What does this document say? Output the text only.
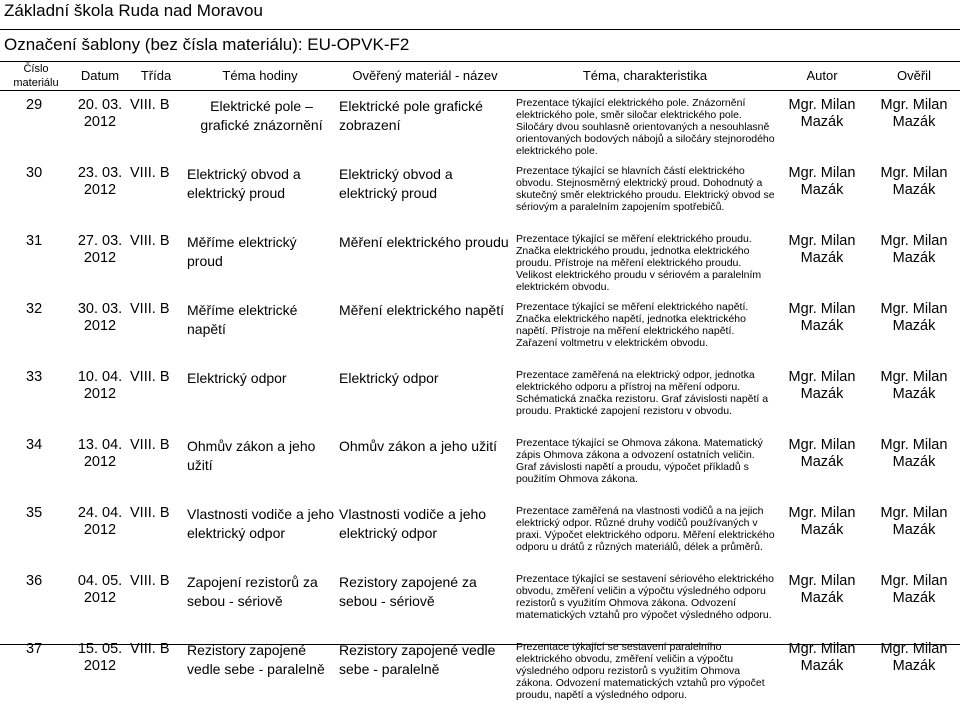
Základní škola Ruda nad Moravou
Označení šablony (bez čísla materiálu): EU-OPVK-F2
Číslo materiálu	Datum	Třída	Téma hodiny	Ověřený materiál - název	Téma, charakteristika	Autor	Ověřil
29	20. 03. 2012	VIII. B	Elektrické pole – grafické znázornění	Elektrické pole grafické zobrazení	Prezentace týkající elektrického pole. Znázornění elektrického pole, směr siločar elektrického pole. Siločáry dvou souhlasně orientovaných a nesouhlasně orientovaných bodových nábojů a siločáry stejnorodého elektrického pole.	Mgr. Milan Mazák	Mgr. Milan Mazák
30	23. 03. 2012	VIII. B	Elektrický obvod a elektrický proud	Elektrický obvod a elektrický proud	Prezentace týkající se hlavních částí elektrického obvodu. Stejnosměrný elektrický proud. Dohodnutý a skutečný směr elektrického proudu. Elektrický obvod se sériovým a paralelním zapojením spotřebičů.	Mgr. Milan Mazák	Mgr. Milan Mazák
31	27. 03. 2012	VIII. B	Měříme elektrický proud	Měření elektrického proudu	Prezentace týkající se měření elektrického proudu. Značka elektrického proudu, jednotka elektrického proudu. Přístroje na měření elektrického proudu. Velikost elektrického proudu v sériovém a paralelním elektrickém obvodu.	Mgr. Milan Mazák	Mgr. Milan Mazák
32	30. 03. 2012	VIII. B	Měříme elektrické napětí	Měření elektrického napětí	Prezentace týkající se měření elektrického napětí. Značka elektrického napětí, jednotka elektrického napětí. Přístroje na měření elektrického napětí. Zařazení voltmetru v elektrickém obvodu.	Mgr. Milan Mazák	Mgr. Milan Mazák
33	10. 04. 2012	VIII. B	Elektrický odpor	Elektrický odpor	Prezentace zaměřená na elektrický odpor, jednotka elektrického odporu a přístroj na měření odporu. Schématická značka rezistoru. Graf závislosti napětí a proudu. Praktické zapojení rezistoru v obvodu.	Mgr. Milan Mazák	Mgr. Milan Mazák
34	13. 04. 2012	VIII. B	Ohmův zákon a jeho užití	Ohmův zákon a jeho užití	Prezentace týkající se Ohmova zákona. Matematický zápis Ohmova zákona a odvození ostatních veličin. Graf závislosti napětí a proudu, výpočet příkladů s použitím Ohmova zákona.	Mgr. Milan Mazák	Mgr. Milan Mazák
35	24. 04. 2012	VIII. B	Vlastnosti vodiče a jeho elektrický odpor	Vlastnosti vodiče a jeho elektrický odpor	Prezentace zaměřená na vlastnosti vodičů a na jejich elektrický odpor. Různé druhy vodičů používaných v praxi. Výpočet elektrického odporu. Měření elektrického odporu u drátů z různých materiálů, délek a průměrů.	Mgr. Milan Mazák	Mgr. Milan Mazák
36	04. 05. 2012	VIII. B	Zapojení rezistorů za sebou - sériově	Rezistory zapojené za sebou - sériově	Prezentace týkající se sestavení sériového elektrického obvodu, změření veličin a výpočtu výsledného odporu rezistorů s využitím Ohmova zákona. Odvození matematických vztahů pro výpočet výsledného odporu.	Mgr. Milan Mazák	Mgr. Milan Mazák
37	15. 05. 2012	VIII. B	Rezistory zapojené vedle sebe - paralelně	Rezistory zapojené vedle sebe - paralelně	Prezentace týkající se sestavení paralelního elektrického obvodu, změření veličin a výpočtu výsledného odporu rezistorů s využitím Ohmova zákona. Odvození matematických vztahů pro výpočet proudu, napětí a výsledného odporu.	Mgr. Milan Mazák	Mgr. Milan Mazák
